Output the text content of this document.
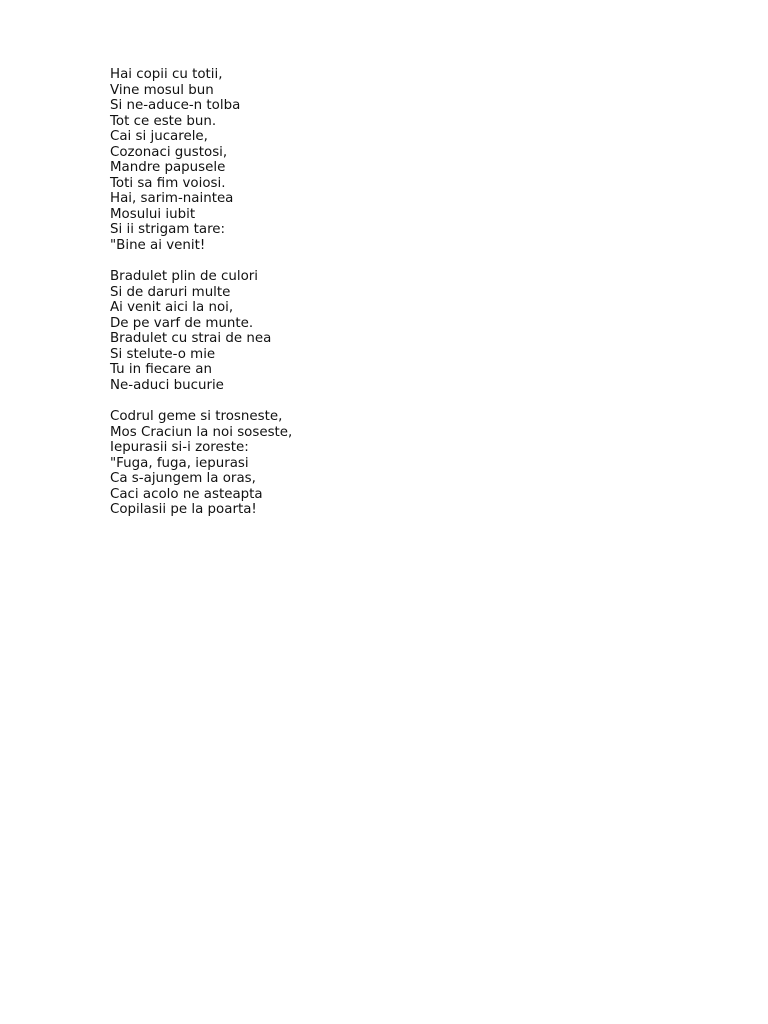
Hai copii cu totii,
Vine mosul bun
Si ne-aduce-n tolba
Tot ce este bun.
Cai si jucarele,
Cozonaci gustosi,
Mandre papusele
Toti sa fim voiosi.
Hai, sarim-naintea
Mosului iubit
Si ii strigam tare:
"Bine ai venit!
Bradulet plin de culori
Si de daruri multe
Ai venit aici la noi,
De pe varf de munte.
Bradulet cu strai de nea
Si stelute-o mie
Tu in fiecare an
Ne-aduci bucurie
Codrul geme si trosneste,
Mos Craciun la noi soseste,
Iepurasii si-i zoreste:
"Fuga, fuga, iepurasi
Ca s-ajungem la oras,
Caci acolo ne asteapta
Copilasii pe la poarta!
